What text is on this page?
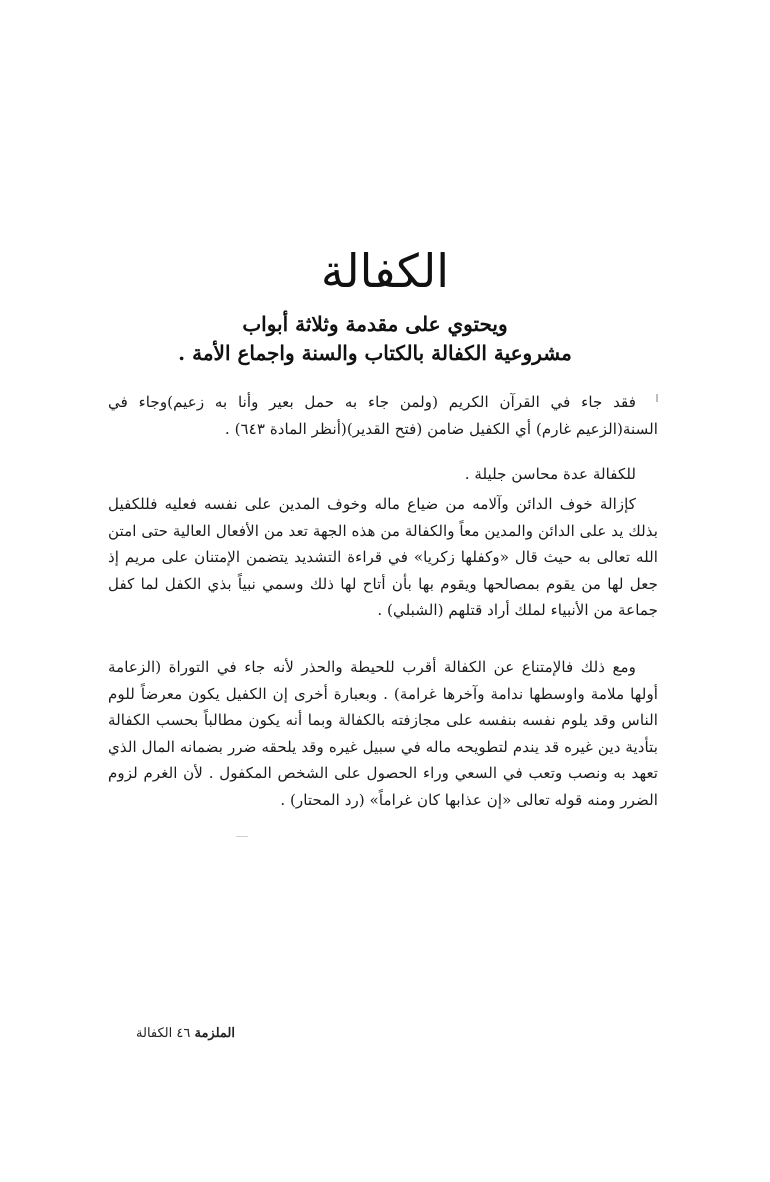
الكفالة
ويحتوي على مقدمة وثلاثة أبواب
مشروعية الكفالة بالكتاب والسنة واجماع الأمة .

فقد جاء في القرآن الكريم (ولمن جاء به حمل بعير وأنا به زعيم)وجاء في السنة(الزعيم غارم) أي الكفيل ضامن (فتح القدير)(أنظر المادة ٦٤٣) .

للكفالة عدة محاسن جليلة .

كإزالة خوف الدائن وآلامه من ضياع ماله وخوف المدين على نفسه فعليه فللكفيل بذلك يد على الدائن والمدين معاً والكفالة من هذه الجهة تعد من الأفعال العالية حتى امتن الله تعالى به حيث قال «وكفلها زكريا» في قراءة التشديد يتضمن الإمتنان على مريم إذ جعل لها من يقوم بمصالحها ويقوم بها بأن أتاح لها ذلك وسمي نبياً بذي الكفل لما كفل جماعة من الأنبياء لملك أراد قتلهم (الشبلي) .

ومع ذلك فالإمتناع عن الكفالة أقرب للحيطة والحذر لأنه جاء في التوراة (الزعامة أولها ملامة واوسطها ندامة وآخرها غرامة) . وبعبارة أخرى إن الكفيل يكون معرضاً للوم الناس وقد يلوم نفسه بنفسه على مجازفته بالكفالة وبما أنه يكون مطالباً بحسب الكفالة بتأدية دين غيره قد يندم لتطويحه ماله في سبيل غيره وقد يلحقه ضرر بضمانه المال الذي تعهد به ونصب وتعب في السعي وراء الحصول على الشخص المكفول . لأن الغرم لزوم الضرر ومنه قوله تعالى «إن عذابها كان غراماً» (رد المحتار) .

الملزمة ٤٦ الكفالة
